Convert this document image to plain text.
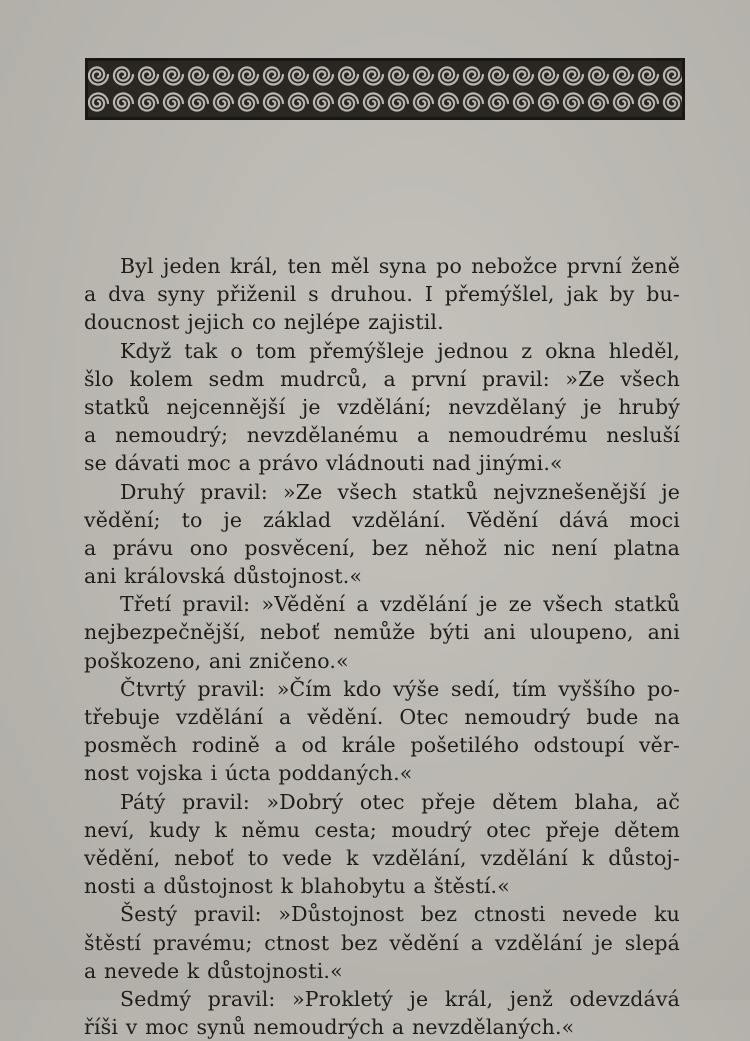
Byl jeden král, ten měl syna po nebožce první ženě
a dva syny přiženil s druhou. I přemýšlel, jak by bu-
doucnost jejich co nejlépe zajistil.
Když tak o tom přemýšleje jednou z okna hleděl,
šlo kolem sedm mudrců, a první pravil: »Ze všech
statků nejcennější je vzdělání; nevzdělaný je hrubý
a nemoudrý; nevzdělanému a nemoudrému nesluší
se dávati moc a právo vládnouti nad jinými.«
Druhý pravil: »Ze všech statků nejvznešenější je
vědění; to je základ vzdělání. Vědění dává moci
a právu ono posvěcení, bez něhož nic není platna
ani královská důstojnost.«
Třetí pravil: »Vědění a vzdělání je ze všech statků
nejbezpečnější, neboť nemůže býti ani uloupeno, ani
poškozeno, ani zničeno.«
Čtvrtý pravil: »Čím kdo výše sedí, tím vyššího po-
třebuje vzdělání a vědění. Otec nemoudrý bude na
posměch rodině a od krále pošetilého odstoupí věr-
nost vojska i úcta poddaných.«
Pátý pravil: »Dobrý otec přeje dětem blaha, ač
neví, kudy k němu cesta; moudrý otec přeje dětem
vědění, neboť to vede k vzdělání, vzdělání k důstoj-
nosti a důstojnost k blahobytu a štěstí.«
Šestý pravil: »Důstojnost bez ctnosti nevede ku
štěstí pravému; ctnost bez vědění a vzdělání je slepá
a nevede k důstojnosti.«
Sedmý pravil: »Prokletý je král, jenž odevzdává
říši v moc synů nemoudrých a nevzdělaných.«
